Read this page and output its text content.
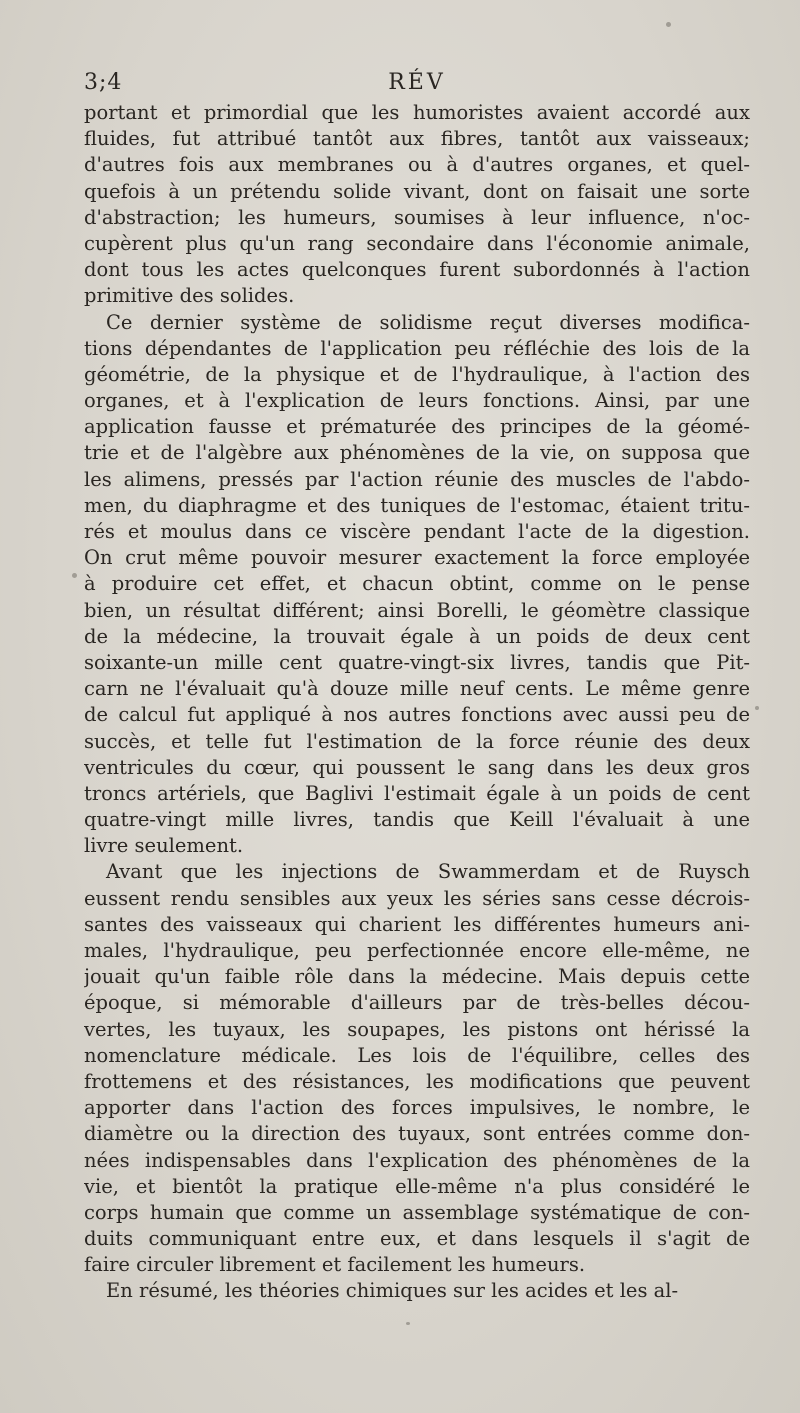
3;4	RÉV
portant et primordial que les humoristes avaient accordé aux
fluides, fut attribué tantôt aux fibres, tantôt aux vaisseaux;
d'autres fois aux membranes ou à d'autres organes, et quel-
quefois à un prétendu solide vivant, dont on faisait une sorte
d'abstraction; les humeurs, soumises à leur influence, n'oc-
cupèrent plus qu'un rang secondaire dans l'économie animale,
dont tous les actes quelconques furent subordonnés à l'action
primitive des solides.
Ce dernier système de solidisme reçut diverses modifica-
tions dépendantes de l'application peu réfléchie des lois de la
géométrie, de la physique et de l'hydraulique, à l'action des
organes, et à l'explication de leurs fonctions. Ainsi, par une
application fausse et prématurée des principes de la géomé-
trie et de l'algèbre aux phénomènes de la vie, on supposa que
les alimens, pressés par l'action réunie des muscles de l'abdo-
men, du diaphragme et des tuniques de l'estomac, étaient tritu-
rés et moulus dans ce viscère pendant l'acte de la digestion.
On crut même pouvoir mesurer exactement la force employée
à produire cet effet, et chacun obtint, comme on le pense
bien, un résultat différent; ainsi Borelli, le géomètre classique
de la médecine, la trouvait égale à un poids de deux cent
soixante-un mille cent quatre-vingt-six livres, tandis que Pit-
carn ne l'évaluait qu'à douze mille neuf cents. Le même genre
de calcul fut appliqué à nos autres fonctions avec aussi peu de
succès, et telle fut l'estimation de la force réunie des deux
ventricules du cœur, qui poussent le sang dans les deux gros
troncs artériels, que Baglivi l'estimait égale à un poids de cent
quatre-vingt mille livres, tandis que Keill l'évaluait à une
livre seulement.
Avant que les injections de Swammerdam et de Ruysch
eussent rendu sensibles aux yeux les séries sans cesse décrois-
santes des vaisseaux qui charient les différentes humeurs ani-
males, l'hydraulique, peu perfectionnée encore elle-même, ne
jouait qu'un faible rôle dans la médecine. Mais depuis cette
époque, si mémorable d'ailleurs par de très-belles décou-
vertes, les tuyaux, les soupapes, les pistons ont hérissé la
nomenclature médicale. Les lois de l'équilibre, celles des
frottemens et des résistances, les modifications que peuvent
apporter dans l'action des forces impulsives, le nombre, le
diamètre ou la direction des tuyaux, sont entrées comme don-
nées indispensables dans l'explication des phénomènes de la
vie, et bientôt la pratique elle-même n'a plus considéré le
corps humain que comme un assemblage systématique de con-
duits communiquant entre eux, et dans lesquels il s'agit de
faire circuler librement et facilement les humeurs.
En résumé, les théories chimiques sur les acides et les al-
